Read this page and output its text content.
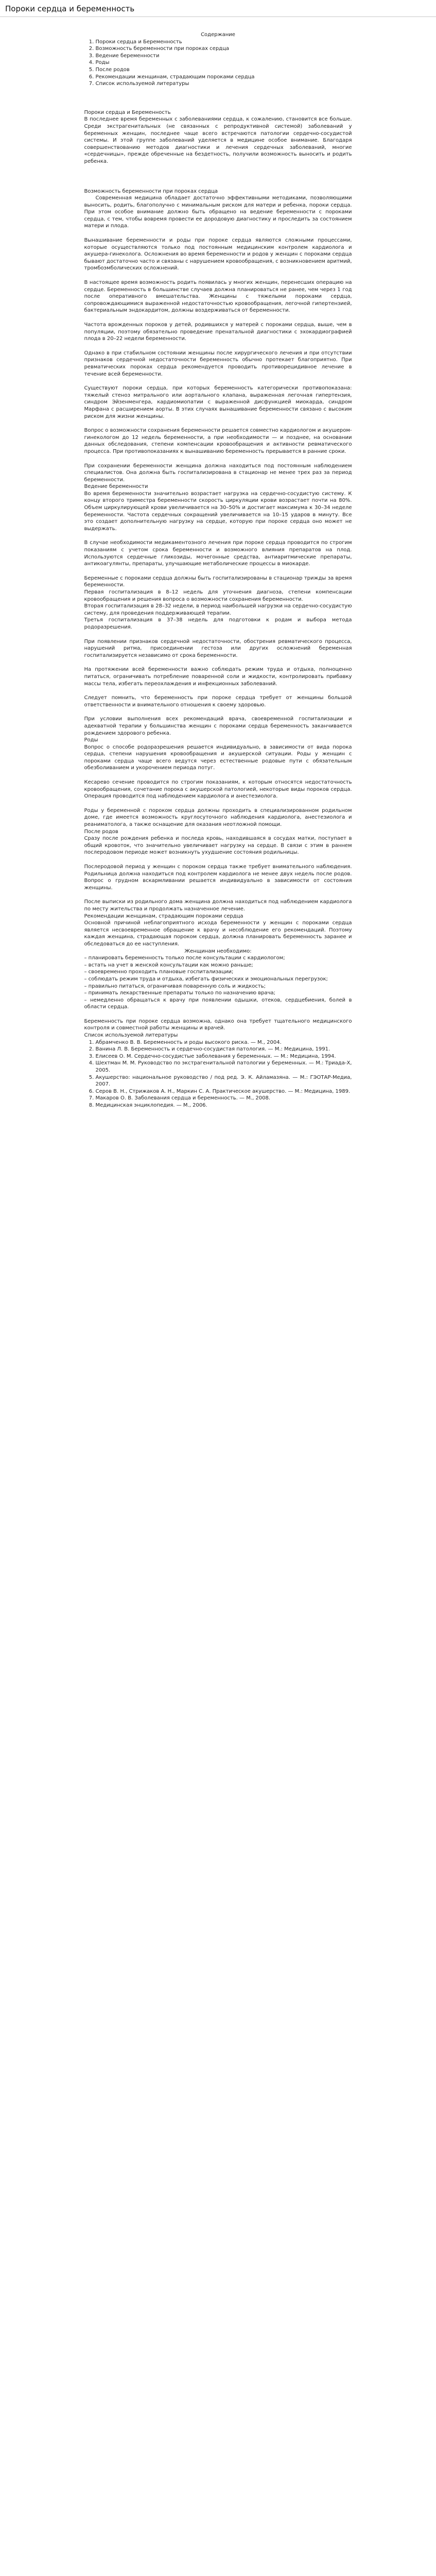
Пороки сердца и беременность

Содержание

1. Пороки сердца и Беременность
2. Возможность беременности при пороках сердца
3. Ведение беременности
4. Роды
5. После родов
6. Рекомендации женщинам, страдающим пороками сердца
7. Список используемой литературы

Пороки сердца и Беременность

В последнее время беременных с заболеваниями сердца, к сожалению, становится все больше. Среди экстрагенитальных (не связанных с репродуктивной системой) заболеваний у беременных женщин, последнее чаще всего встречаются патологии сердечно-сосудистой системы. И этой группе заболеваний уделяется в медицине особое внимание. Благодаря совершенствованию методов диагностики и лечения сердечных заболеваний, многие «сердечницы», прежде обреченные на бездетность, получили возможность выносить и родить ребенка.

Возможность беременности при пороках сердца

Современная медицина обладает достаточно эффективными методиками, позволяющими выносить, родить, благополучно с минимальным риском для матери и ребенка, пороки сердца. При этом особое внимание должно быть обращено на ведение беременности с пороками сердца, с тем, чтобы вовремя провести ее дородовую диагностику и проследить за состоянием матери и плода.

Вынашивание беременности и роды при пороке сердца являются сложными процессами, которые осуществляются только под постоянным медицинским контролем кардиолога и акушера-гинеколога. Осложнения во время беременности и родов у женщин с пороками сердца бывают достаточно часто и связаны с нарушением кровообращения, с возникновением аритмий, тромбоэмболических осложнений.

В настоящее время возможность родить появилась у многих женщин, перенесших операцию на сердце. Беременность в большинстве случаев должна планироваться не ранее, чем через 1 год после оперативного вмешательства. Женщины с тяжелыми пороками сердца, сопровождающимися выраженной недостаточностью кровообращения, легочной гипертензией, бактериальным эндокардитом, должны воздерживаться от беременности.

Частота врожденных пороков у детей, родившихся у матерей с пороками сердца, выше, чем в популяции, поэтому обязательно проведение пренатальной диагностики с эхокардиографией плода в 20–22 недели беременности.

Однако в при стабильном состоянии женщины после хирургического лечения и при отсутствии признаков сердечной недостаточности беременность обычно протекает благоприятно. При ревматических пороках сердца рекомендуется проводить противорецидивное лечение в течение всей беременности.

Существуют пороки сердца, при которых беременность категорически противопоказана: тяжелый стеноз митрального или аортального клапана, выраженная легочная гипертензия, синдром Эйзенменгера, кардиомиопатии с выраженной дисфункцией миокарда, синдром Марфана с расширением аорты. В этих случаях вынашивание беременности связано с высоким риском для жизни женщины.

Вопрос о возможности сохранения беременности решается совместно кардиологом и акушером-гинекологом до 12 недель беременности, а при необходимости — и позднее, на основании данных обследования, степени компенсации кровообращения и активности ревматического процесса. При противопоказаниях к вынашиванию беременность прерывается в ранние сроки.

При сохранении беременности женщина должна находиться под постоянным наблюдением специалистов. Она должна быть госпитализирована в стационар не менее трех раз за период беременности.

Ведение беременности

Во время беременности значительно возрастает нагрузка на сердечно-сосудистую систему. К концу второго триместра беременности скорость циркуляции крови возрастает почти на 80%. Объем циркулирующей крови увеличивается на 30–50% и достигает максимума к 30–34 неделе беременности. Частота сердечных сокращений увеличивается на 10–15 ударов в минуту. Все это создает дополнительную нагрузку на сердце, которую при пороке сердца оно может не выдержать.

В случае необходимости медикаментозного лечения при пороке сердца проводится по строгим показаниям с учетом срока беременности и возможного влияния препаратов на плод. Используются сердечные гликозиды, мочегонные средства, антиаритмические препараты, антикоагулянты, препараты, улучшающие метаболические процессы в миокарде.

Беременные с пороками сердца должны быть госпитализированы в стационар трижды за время беременности.

Первая госпитализация в 8–12 недель для уточнения диагноза, степени компенсации кровообращения и решения вопроса о возможности сохранения беременности.

Вторая госпитализация в 28–32 недели, в период наибольшей нагрузки на сердечно-сосудистую систему, для проведения поддерживающей терапии.

Третья госпитализация в 37–38 недель для подготовки к родам и выбора метода родоразрешения.

При появлении признаков сердечной недостаточности, обострения ревматического процесса, нарушений ритма, присоединении гестоза или других осложнений беременная госпитализируется независимо от срока беременности.

На протяжении всей беременности важно соблюдать режим труда и отдыха, полноценно питаться, ограничивать потребление поваренной соли и жидкости, контролировать прибавку массы тела, избегать переохлаждения и инфекционных заболеваний.

Следует помнить, что беременность при пороке сердца требует от женщины большой ответственности и внимательного отношения к своему здоровью.

При условии выполнения всех рекомендаций врача, своевременной госпитализации и адекватной терапии у большинства женщин с пороками сердца беременность заканчивается рождением здорового ребенка.

Роды

Вопрос о способе родоразрешения решается индивидуально, в зависимости от вида порока сердца, степени нарушения кровообращения и акушерской ситуации. Роды у женщин с пороками сердца чаще всего ведутся через естественные родовые пути с обязательным обезболиванием и укорочением периода потуг.

Кесарево сечение проводится по строгим показаниям, к которым относятся недостаточность кровообращения, сочетание порока с акушерской патологией, некоторые виды пороков сердца. Операция проводится под наблюдением кардиолога и анестезиолога.

Роды у беременной с пороком сердца должны проходить в специализированном родильном доме, где имеется возможность круглосуточного наблюдения кардиолога, анестезиолога и реаниматолога, а также оснащение для оказания неотложной помощи.

После родов

Сразу после рождения ребенка и последа кровь, находившаяся в сосудах матки, поступает в общий кровоток, что значительно увеличивает нагрузку на сердце. В связи с этим в раннем послеродовом периоде может возникнуть ухудшение состояния родильницы.

Послеродовой период у женщин с пороком сердца также требует внимательного наблюдения. Родильница должна находиться под контролем кардиолога не менее двух недель после родов. Вопрос о грудном вскармливании решается индивидуально в зависимости от состояния женщины.

После выписки из родильного дома женщина должна находиться под наблюдением кардиолога по месту жительства и продолжать назначенное лечение.

Рекомендации женщинам, страдающим пороками сердца

Основной причиной неблагоприятного исхода беременности у женщин с пороками сердца является несвоевременное обращение к врачу и несоблюдение его рекомендаций. Поэтому каждая женщина, страдающая пороком сердца, должна планировать беременность заранее и обследоваться до ее наступления.

Женщинам необходимо:

– планировать беременность только после консультации с кардиологом;

– встать на учет в женской консультации как можно раньше;

– своевременно проходить плановые госпитализации;

– соблюдать режим труда и отдыха, избегать физических и эмоциональных перегрузок;

– правильно питаться, ограничивая поваренную соль и жидкость;

– принимать лекарственные препараты только по назначению врача;

– немедленно обращаться к врачу при появлении одышки, отеков, сердцебиения, болей в области сердца.

Беременность при пороке сердца возможна, однако она требует тщательного медицинского контроля и совместной работы женщины и врачей.

Список используемой литературы

1. Абрамченко В. В. Беременность и роды высокого риска. — М., 2004.
2. Ванина Л. В. Беременность и сердечно-сосудистая патология. — М.: Медицина, 1991.
3. Елисеев О. М. Сердечно-сосудистые заболевания у беременных. — М.: Медицина, 1994.
4. Шехтман М. М. Руководство по экстрагенитальной патологии у беременных. — М.: Триада-Х, 2005.
5. Акушерство: национальное руководство / под ред. Э. К. Айламазяна. — М.: ГЭОТАР-Медиа, 2007.
6. Серов В. Н., Стрижаков А. Н., Маркин С. А. Практическое акушерство. — М.: Медицина, 1989.
7. Макаров О. В. Заболевания сердца и беременность. — М., 2008.
8. Медицинская энциклопедия. — М., 2006.
